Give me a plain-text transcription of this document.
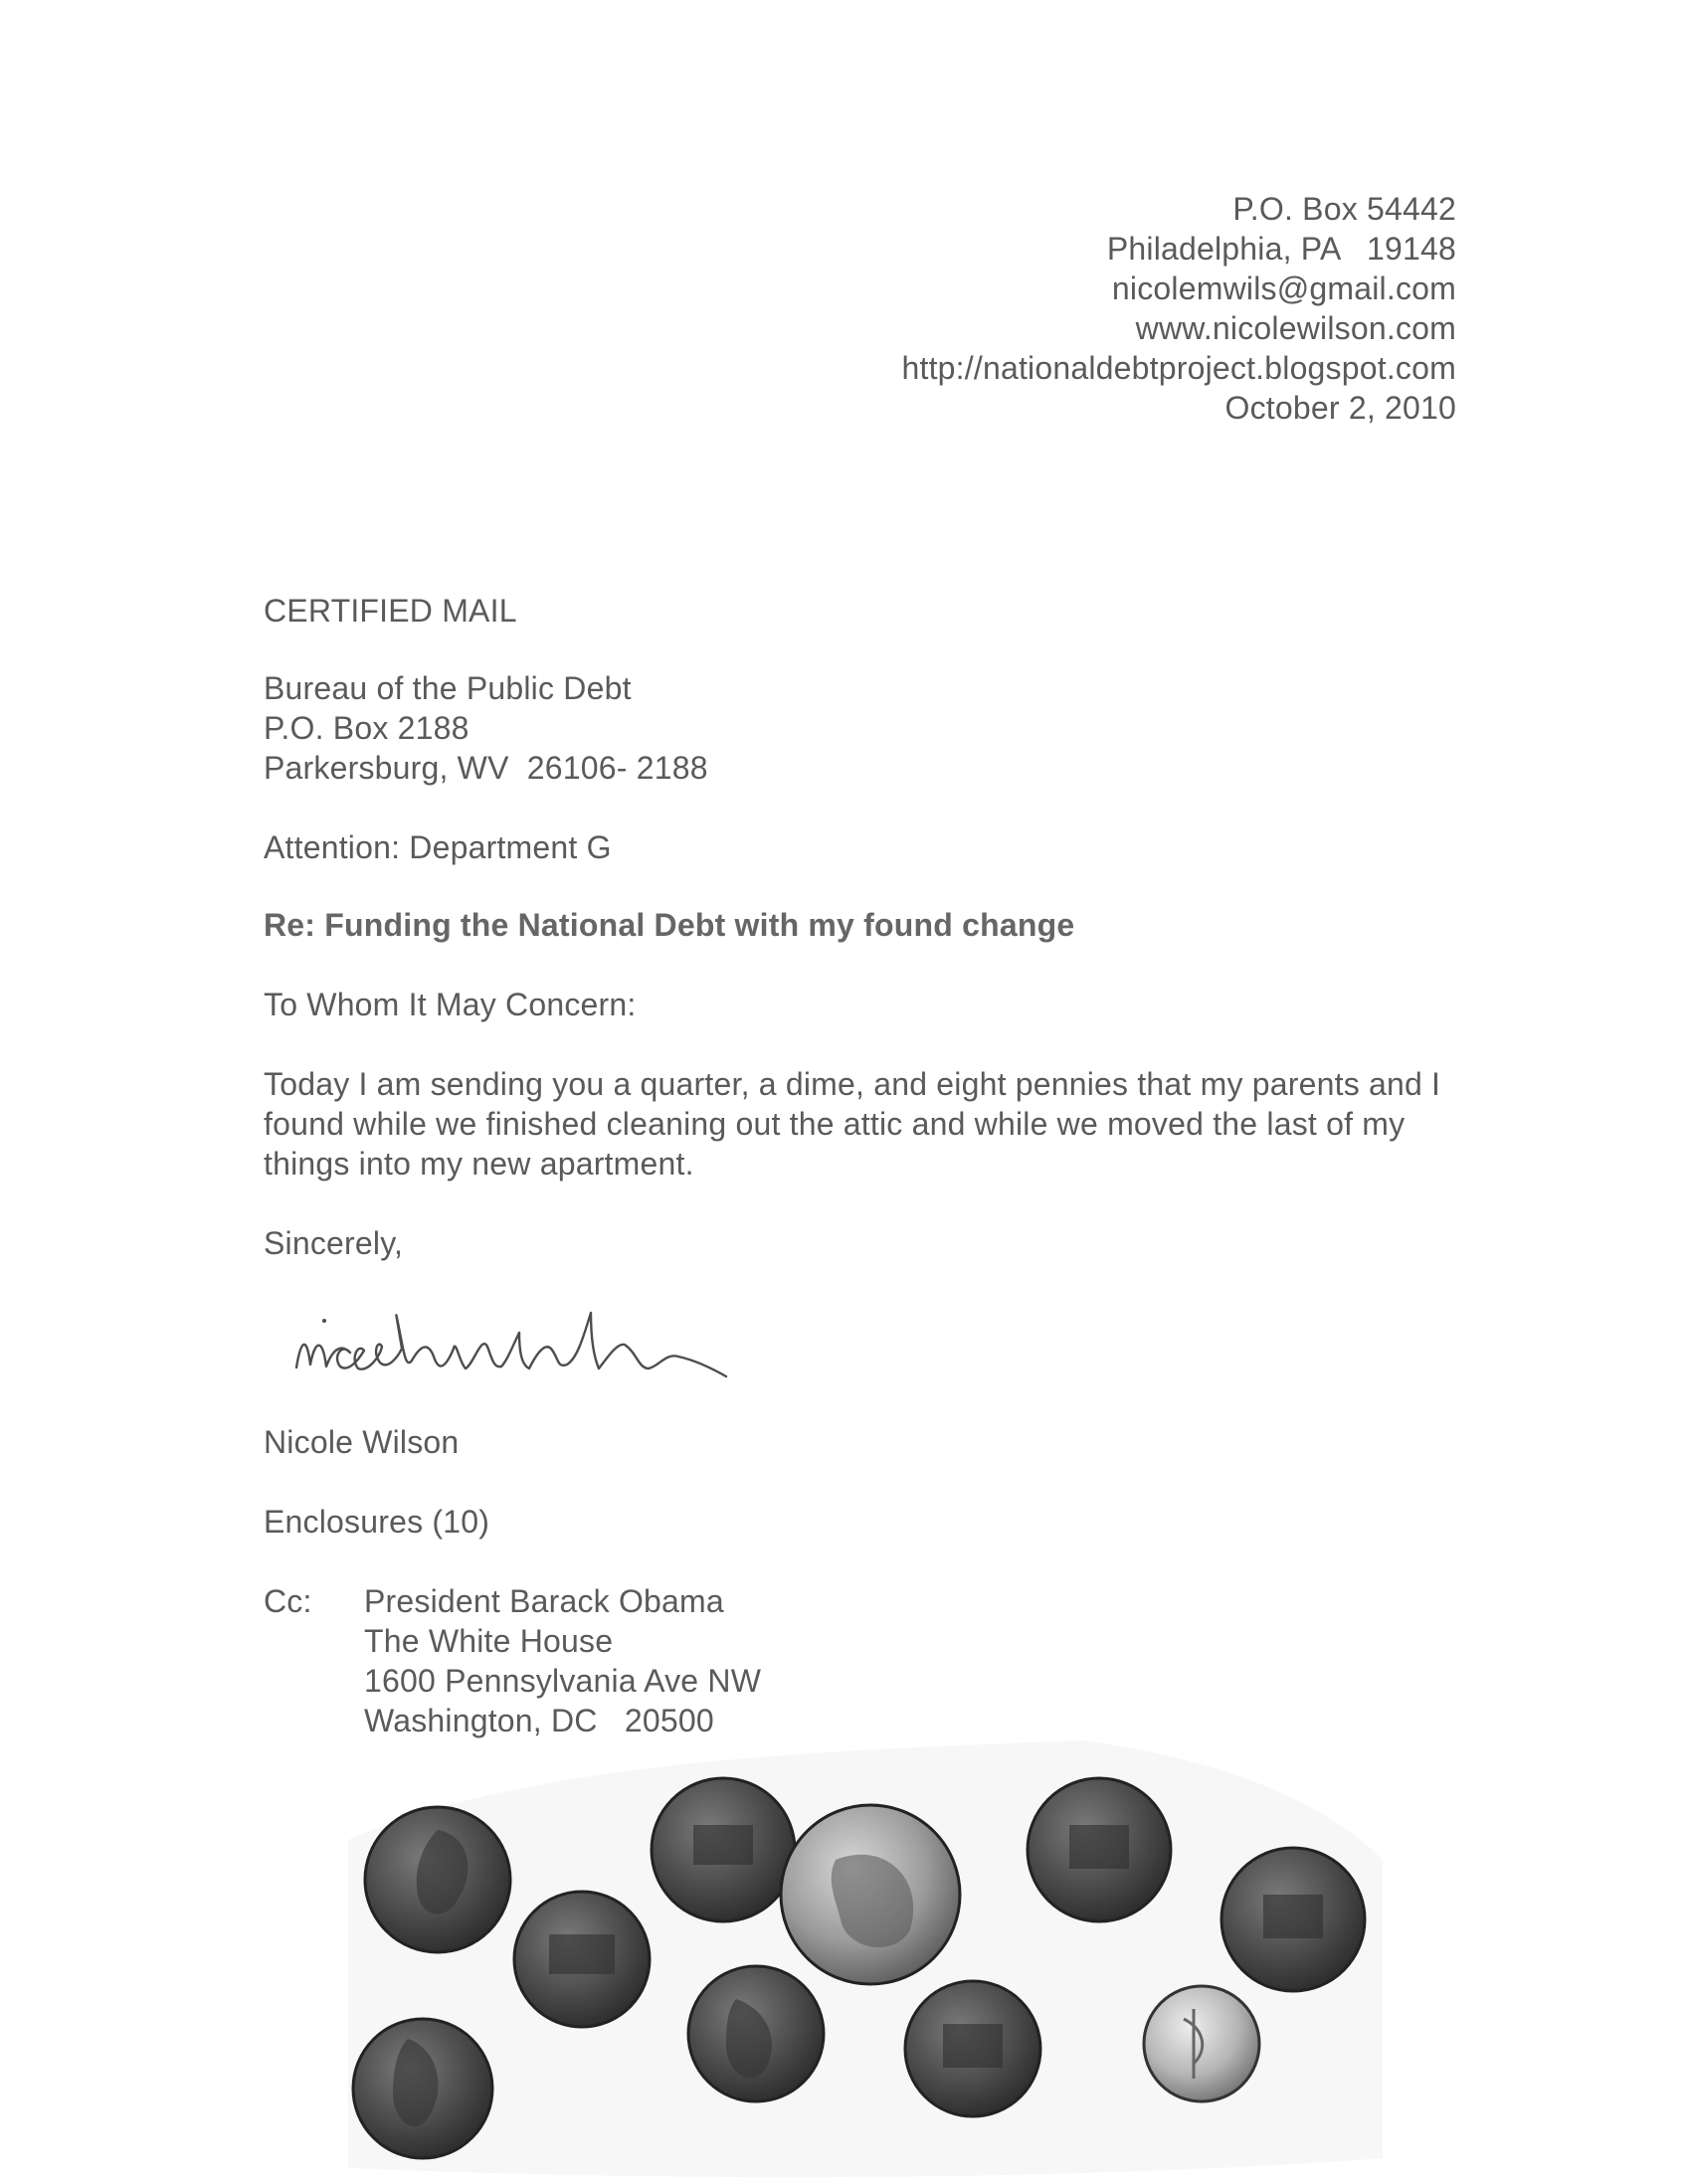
P.O. Box 54442
Philadelphia, PA   19148
nicolemwils@gmail.com
www.nicolewilson.com
http://nationaldebtproject.blogspot.com
October 2, 2010
CERTIFIED MAIL
Bureau of the Public Debt
P.O. Box 2188
Parkersburg, WV  26106- 2188
Attention: Department G
Re: Funding the National Debt with my found change
To Whom It May Concern:
Today I am sending you a quarter, a dime, and eight pennies that my parents and I found while we finished cleaning out the attic and while we moved the last of my things into my new apartment.
Sincerely,
Nicole Wilson
Enclosures (10)
Cc: President Barack Obama
The White House
1600 Pennsylvania Ave NW
Washington, DC   20500
